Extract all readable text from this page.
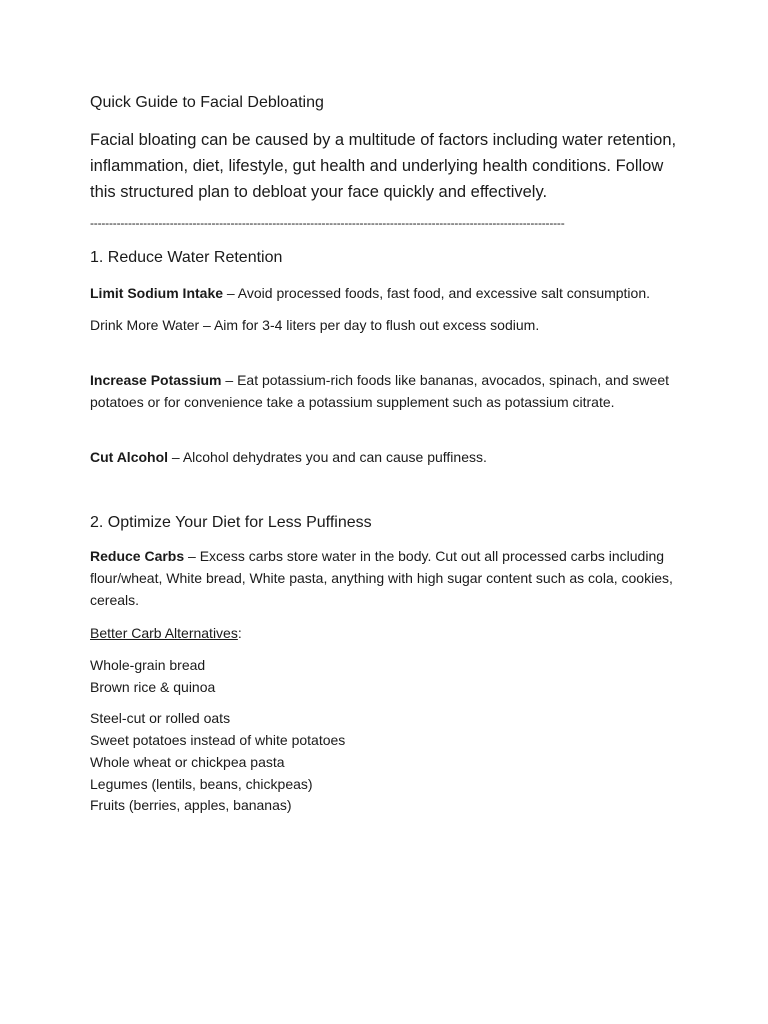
Quick Guide to Facial Debloating

Facial bloating can be caused by a multitude of factors including water retention, inflammation, diet, lifestyle, gut health and underlying health conditions. Follow this structured plan to debloat your face quickly and effectively.

-----------------------------------------------------------------------------------------------------------------------------
1. Reduce Water Retention

Limit Sodium Intake – Avoid processed foods, fast food, and excessive salt consumption.

Drink More Water – Aim for 3-4 liters per day to flush out excess sodium.

Increase Potassium – Eat potassium-rich foods like bananas, avocados, spinach, and sweet potatoes or for convenience take a potassium supplement such as potassium citrate.

Cut Alcohol – Alcohol dehydrates you and can cause puffiness.

2. Optimize Your Diet for Less Puffiness

Reduce Carbs – Excess carbs store water in the body. Cut out all processed carbs including flour/wheat, White bread, White pasta, anything with high sugar content such as cola, cookies, cereals.

Better Carb Alternatives:

Whole-grain bread
Brown rice & quinoa

Steel-cut or rolled oats
Sweet potatoes instead of white potatoes
Whole wheat or chickpea pasta
Legumes (lentils, beans, chickpeas)
Fruits (berries, apples, bananas)
